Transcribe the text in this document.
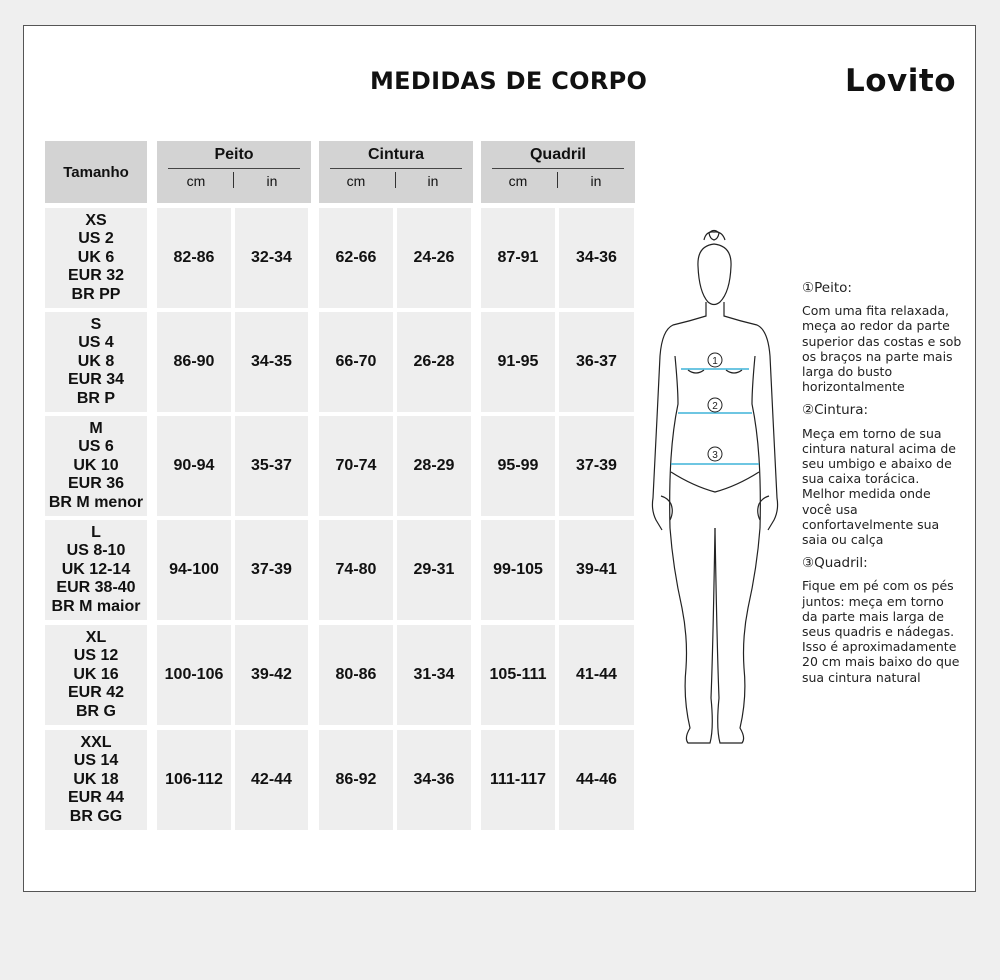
MEDIDAS DE CORPO	Lovito
Tamanho
Peito
cm	in
Cintura
cm	in
Quadril
cm	in
XS
US 2
UK 6
EUR 32
BR PP
82-86	32-34	62-66	24-26	87-91	34-36
S
US 4
UK 8
EUR 34
BR P
86-90	34-35	66-70	26-28	91-95	36-37
M
US 6
UK 10
EUR 36
BR M menor
90-94	35-37	70-74	28-29	95-99	37-39
L
US 8-10
UK 12-14
EUR 38-40
BR M maior
94-100	37-39	74-80	29-31	99-105	39-41
XL
US 12
UK 16
EUR 42
BR G
100-106	39-42	80-86	31-34	105-111	41-44
XXL
US 14
UK 18
EUR 44
BR GG
106-112	42-44	86-92	34-36	111-117	44-46
1
2
3
①Peito:
Com uma fita relaxada, meça ao redor da parte superior das costas e sob os braços na parte mais larga do busto horizontalmente
②Cintura:
Meça em torno de sua cintura natural acima de seu umbigo e abaixo de sua caixa torácica. Melhor medida onde você usa confortavelmente sua saia ou calça
③Quadril:
Fique em pé com os pés juntos: meça em torno da parte mais larga de seus quadris e nádegas. Isso é aproximadamente 20 cm mais baixo do que sua cintura natural
